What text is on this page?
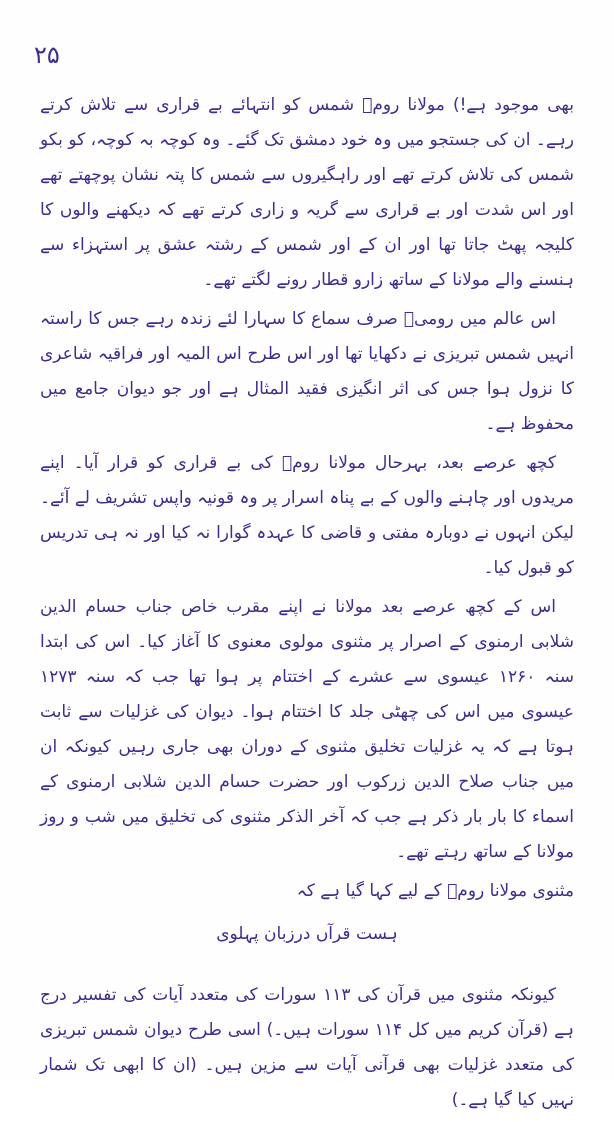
۲۵

بھی موجود ہے!) مولانا رومؒ شمس کو انتہائے بے قراری سے تلاش کرتے رہے۔ ان کی جستجو میں وہ خود دمشق تک گئے۔ وہ کوچہ بہ کوچہ، کو بکو شمس کی تلاش کرتے تھے اور راہگیروں سے شمس کا پتہ نشان پوچھتے تھے اور اس شدت اور بے قراری سے گریہ و زاری کرتے تھے کہ دیکھنے والوں کا کلیجہ پھٹ جاتا تھا اور ان کے اور شمس کے رشتہ عشق پر استہزاء سے ہنسنے والے مولانا کے ساتھ زارو قطار رونے لگتے تھے۔

اس عالم میں رومیؒ صرف سماع کا سہارا لئے زندہ رہے جس کا راستہ انہیں شمس تبریزی نے دکھایا تھا اور اس طرح اس المیہ اور فراقیہ شاعری کا نزول ہوا جس کی اثر انگیزی فقید المثال ہے اور جو دیوان جامع میں محفوظ ہے۔

کچھ عرصے بعد، بہرحال مولانا رومؒ کی بے قراری کو قرار آیا۔ اپنے مریدوں اور چاہنے والوں کے بے پناہ اسرار پر وہ قونیہ واپس تشریف لے آئے۔ لیکن انہوں نے دوبارہ مفتی و قاضی کا عہدہ گوارا نہ کیا اور نہ ہی تدریس کو قبول کیا۔

اس کے کچھ عرصے بعد مولانا نے اپنے مقرب خاص جناب حسام الدین شلابی ارمنوی کے اصرار پر مثنوی مولوی معنوی کا آغاز کیا۔ اس کی ابتدا سنہ ۱۲۶۰ عیسوی سے عشرے کے اختتام پر ہوا تھا جب کہ سنہ ۱۲۷۳ عیسوی میں اس کی چھٹی جلد کا اختتام ہوا۔ دیوان کی غزلیات سے ثابت ہوتا ہے کہ یہ غزلیات تخلیق مثنوی کے دوران بھی جاری رہیں کیونکہ ان میں جناب صلاح الدین زرکوب اور حضرت حسام الدین شلابی ارمنوی کے اسماء کا بار بار ذکر ہے جب کہ آخر الذکر مثنوی کی تخلیق میں شب و روز مولانا کے ساتھ رہتے تھے۔

مثنوی مولانا رومؒ کے لیے کہا گیا ہے کہ

ہست قرآں درزبان پہلوی

کیونکہ مثنوی میں قرآن کی ۱۱۳ سورات کی متعدد آیات کی تفسیر درج ہے (قرآن کریم میں کل ۱۱۴ سورات ہیں۔) اسی طرح دیوان شمس تبریزی کی متعدد غزلیات بھی قرآنی آیات سے مزین ہیں۔ (ان کا ابھی تک شمار نہیں کیا گیا ہے۔)
